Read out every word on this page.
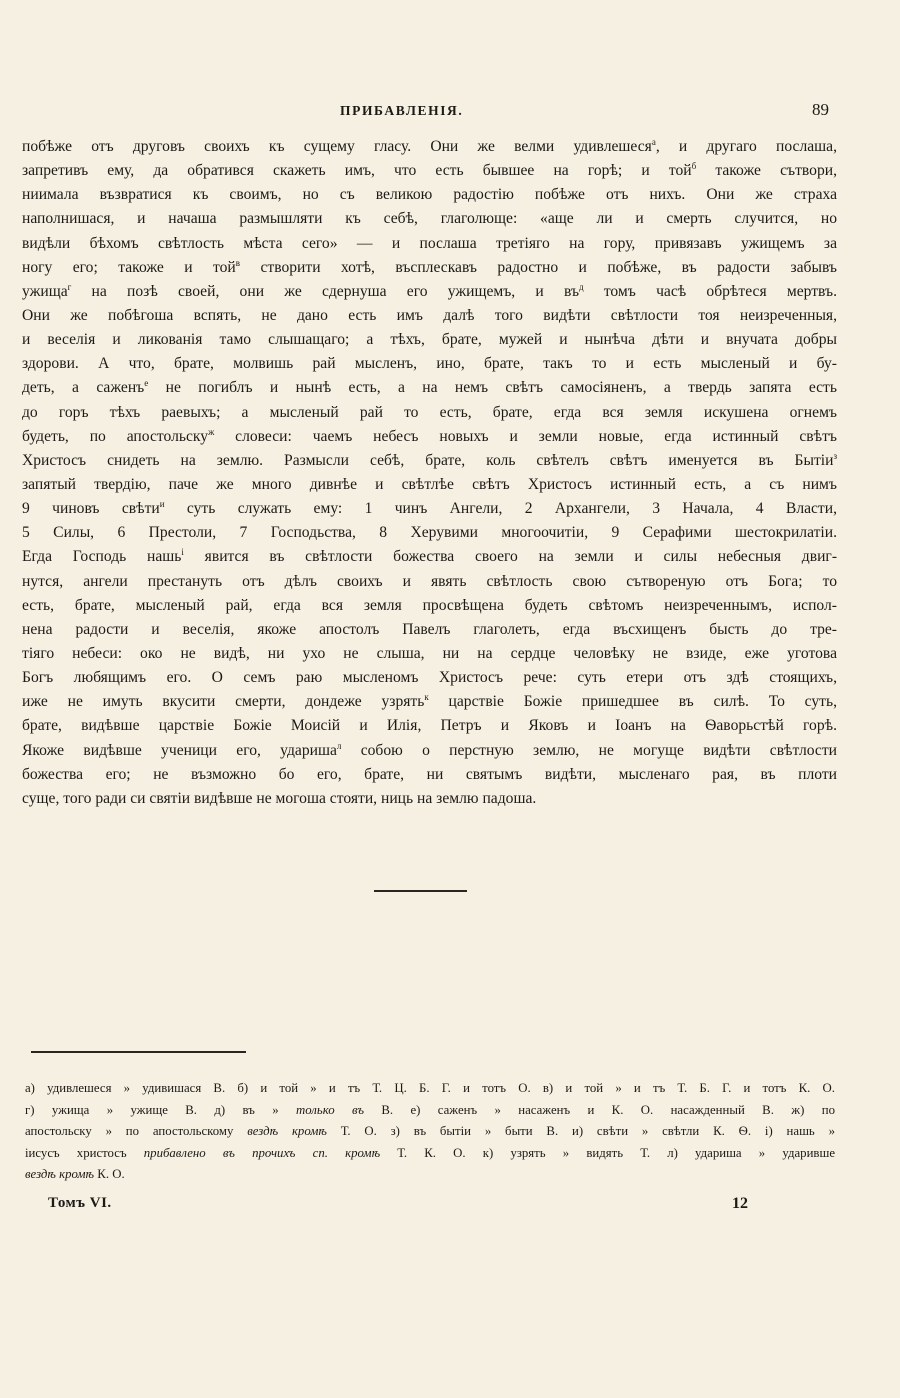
ПРИБАВЛЕНІЯ.	89
побѣже отъ друговъ своихъ къ сущему гласу. Они же велми удивлешеся$^а$, и другаго послаша,
запретивъ ему, да обратився скажеть имъ, что есть бывшее на горѣ; и той$^б$ такоже сътвори,
ниимала възвратися къ своимъ, но съ великою радостію побѣже отъ нихъ. Они же страха
наполнишася, и начаша размышляти къ себѣ, глаголюще: «аще ли и смерть случится, но
видѣли бѣхомъ свѣтлость мѣста сего» — и послаша третіяго на гору, привязавъ ужищемъ за
ногу его; такоже и той$^в$ створити хотѣ, въсплескавъ радостно и побѣже, въ радости забывъ
ужища$^г$ на позѣ своей, они же сдернуша его ужищемъ, и $въ^д$ томъ часѣ обрѣтеся мертвъ.
Они же побѣгоша вспять, не дано есть имъ далѣ того видѣти свѣтлости тоя неизреченныя,
и веселія и ликованія тамо слышащаго; а тѣхъ, брате, мужей и нынѣча дѣти и внучата добры
здорови. А что, брате, молвишь рай мысленъ, ино, брате, такъ то и есть мысленый и бу-
деть, а саженъ$^е$ не погиблъ и нынѣ есть, а на немъ свѣтъ самосіяненъ, а твердь запята есть
до горъ тѣхъ раевыхъ; а мысленый рай то есть, брате, егда вся земля искушена огнемъ
будеть, по апостольску$^ж$ словеси: чаемъ небесъ новыхъ и земли новые, егда истинный свѣтъ
Христосъ снидеть на землю. Размысли себѣ, брате, коль свѣтелъ свѣтъ именуется въ Бытіи$^з$
запятый твердію, паче же много дивнѣе и свѣтлѣе свѣтъ Христосъ истинный есть, а съ нимъ
9 чиновъ свѣти$^и$ суть служать ему: 1 чинъ Ангели, 2 Архангели, 3 Начала, 4 Власти,
5 Силы, 6 Престоли, 7 Господьства, 8 Херувими многоочитіи, 9 Серафими шестокрилатіи.
Егда Господь нашь$^і$ явится въ свѣтлости божества своего на земли и силы небесныя двиг-
нутся, ангели престануть отъ дѣлъ своихъ и явять свѣтлость свою сътвореную отъ Бога; то
есть, брате, мысленый рай, егда вся земля просвѣщена будеть свѣтомъ неизреченнымъ, испол-
нена радости и веселія, якоже апостолъ Павелъ глаголеть, егда въсхищенъ бысть до тре-
тіяго небеси: око не видѣ, ни ухо не слыша, ни на сердце человѣку не взиде, еже уготова
Богъ любящимъ его. О семъ раю мысленомъ Христосъ рече: суть етери отъ здѣ стоящихъ,
иже не имуть вкусити смерти, дондеже узрять$^к$ царствіе Божіе пришедшее въ силѣ. То суть,
брате, видѣвше царствіе Божіе Моисій и Илія, Петръ и Яковъ и Іоанъ на Ѳаворьстѣй горѣ.
Якоже видѣвше ученици его, удариша$^л$ собою о перстную землю, не могуще видѣти свѣтлости
божества его; не възможно бо его, брате, ни святымъ видѣти, мысленаго рая, въ плоти
суще, того ради си святіи видѣвше не могоша стояти, ниць на землю падоша.
а) удивлешеся » удивишася В. б) и той » и тъ Т. Ц. Б. Г. и тотъ О. в) и той » и тъ Т. Б. Г. и тотъ К. О.
г) ужища » ужище В. д) въ » только въ В. е) саженъ » насаженъ и К. О. насажденный В. ж) по
апостольску » по апостольскому вездѣ кромѣ Т. О. з) въ бытіи » быти В. и) свѣти » свѣтли К. Ѳ. і) нашь »
іисусъ христосъ прибавлено въ прочихъ сп. кромѣ Т. К. О. к) узрять » видять Т. л) удариша » ударивше
вездѣ кромѣ К. О.
Томъ VI.	12
